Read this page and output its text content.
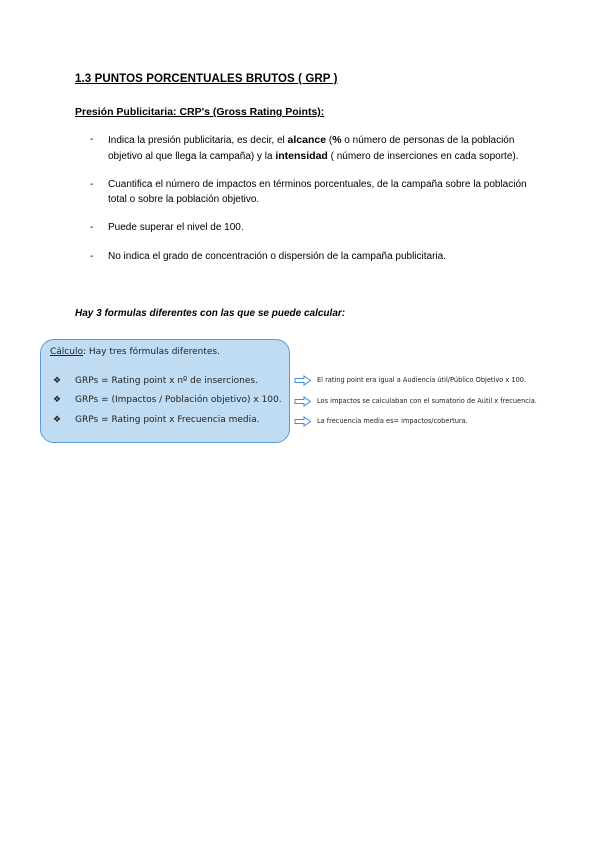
1.3 PUNTOS PORCENTUALES BRUTOS ( GRP )
Presión Publicitaria: CRP's (Gross Rating Points):
- Indica la presión publicitaria, es decir, el alcance (% o número de personas de la población objetivo al que llega la campaña) y la intensidad ( número de inserciones en cada soporte).
- Cuantifica el número de impactos en términos porcentuales, de la campaña sobre la población total o sobre la población objetivo.
- Puede superar el nivel de 100.
- No indica el grado de concentración o dispersión de la campaña publicitaria.
Hay 3 formulas diferentes con las que se puede calcular:
Cálculo: Hay tres fórmulas diferentes.
❖ GRPs = Rating point x nº de inserciones.
❖ GRPs = (Impactos / Población objetivo) x 100.
❖ GRPs = Rating point x Frecuencia media.
El rating point era igual a Audiencia útil/Público Objetivo x 100.
Los impactos se calculaban con el sumatorio de Aútil x frecuencia.
La frecuencia media es= impactos/cobertura.
